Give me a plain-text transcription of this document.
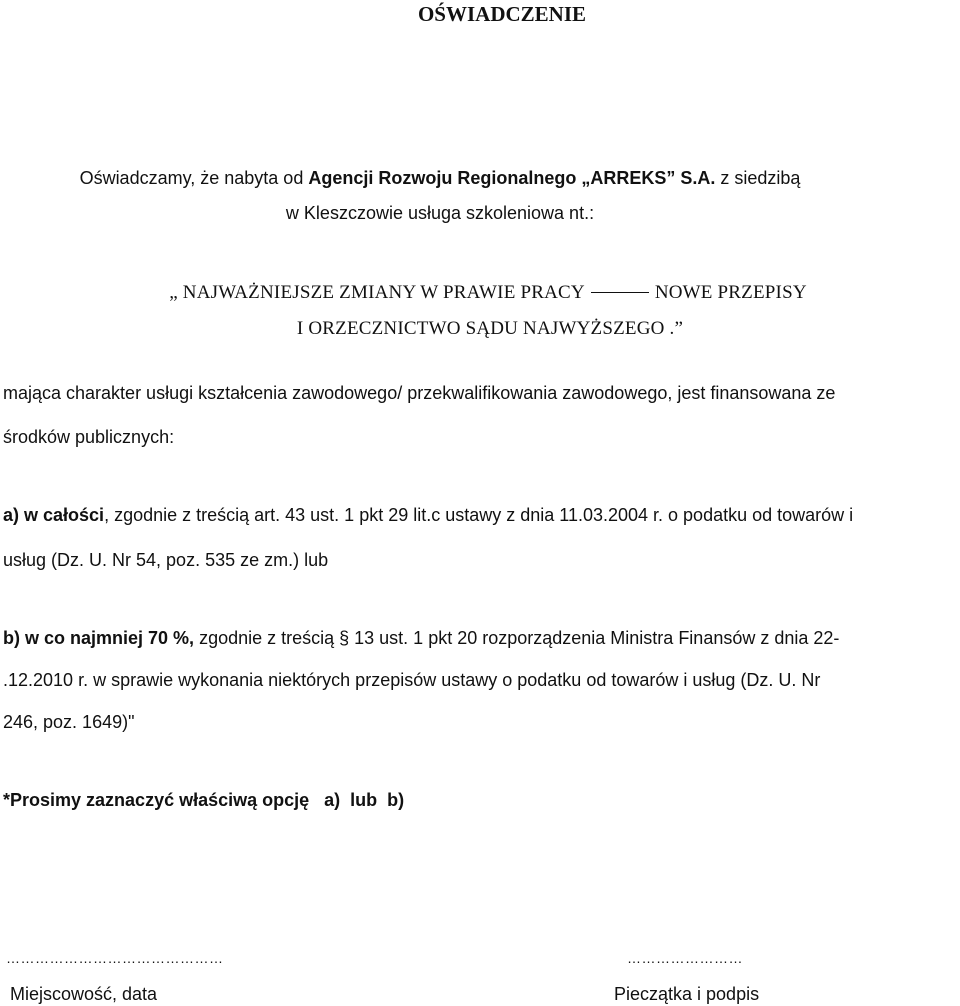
OŚWIADCZENIE
Oświadczamy, że nabyta od Agencji Rozwoju Regionalnego „ARREKS” S.A. z siedzibą
w Kleszczowie usługa szkoleniowa nt.:
„ NAJWAŻNIEJSZE ZMIANY W PRAWIE PRACY	NOWE PRZEPISY
I ORZECZNICTWO SĄDU NAJWYŻSZEGO .”
mająca charakter usługi kształcenia zawodowego/ przekwalifikowania zawodowego, jest finansowana ze
środków publicznych:
a) w całości, zgodnie z treścią art. 43 ust. 1 pkt 29 lit.c ustawy z dnia 11.03.2004 r. o podatku od towarów i
usług (Dz. U. Nr 54, poz. 535 ze zm.) lub
b) w co najmniej 70 %, zgodnie z treścią § 13 ust. 1 pkt 20 rozporządzenia Ministra Finansów z dnia 22-
.12.2010 r. w sprawie wykonania niektórych przepisów ustawy o podatku od towarów i usług (Dz. U. Nr
246, poz. 1649)"
*Prosimy zaznaczyć właściwą opcję   a)  lub  b)
………………………………………	……………………
Miejscowość, data	Pieczątka i podpis
